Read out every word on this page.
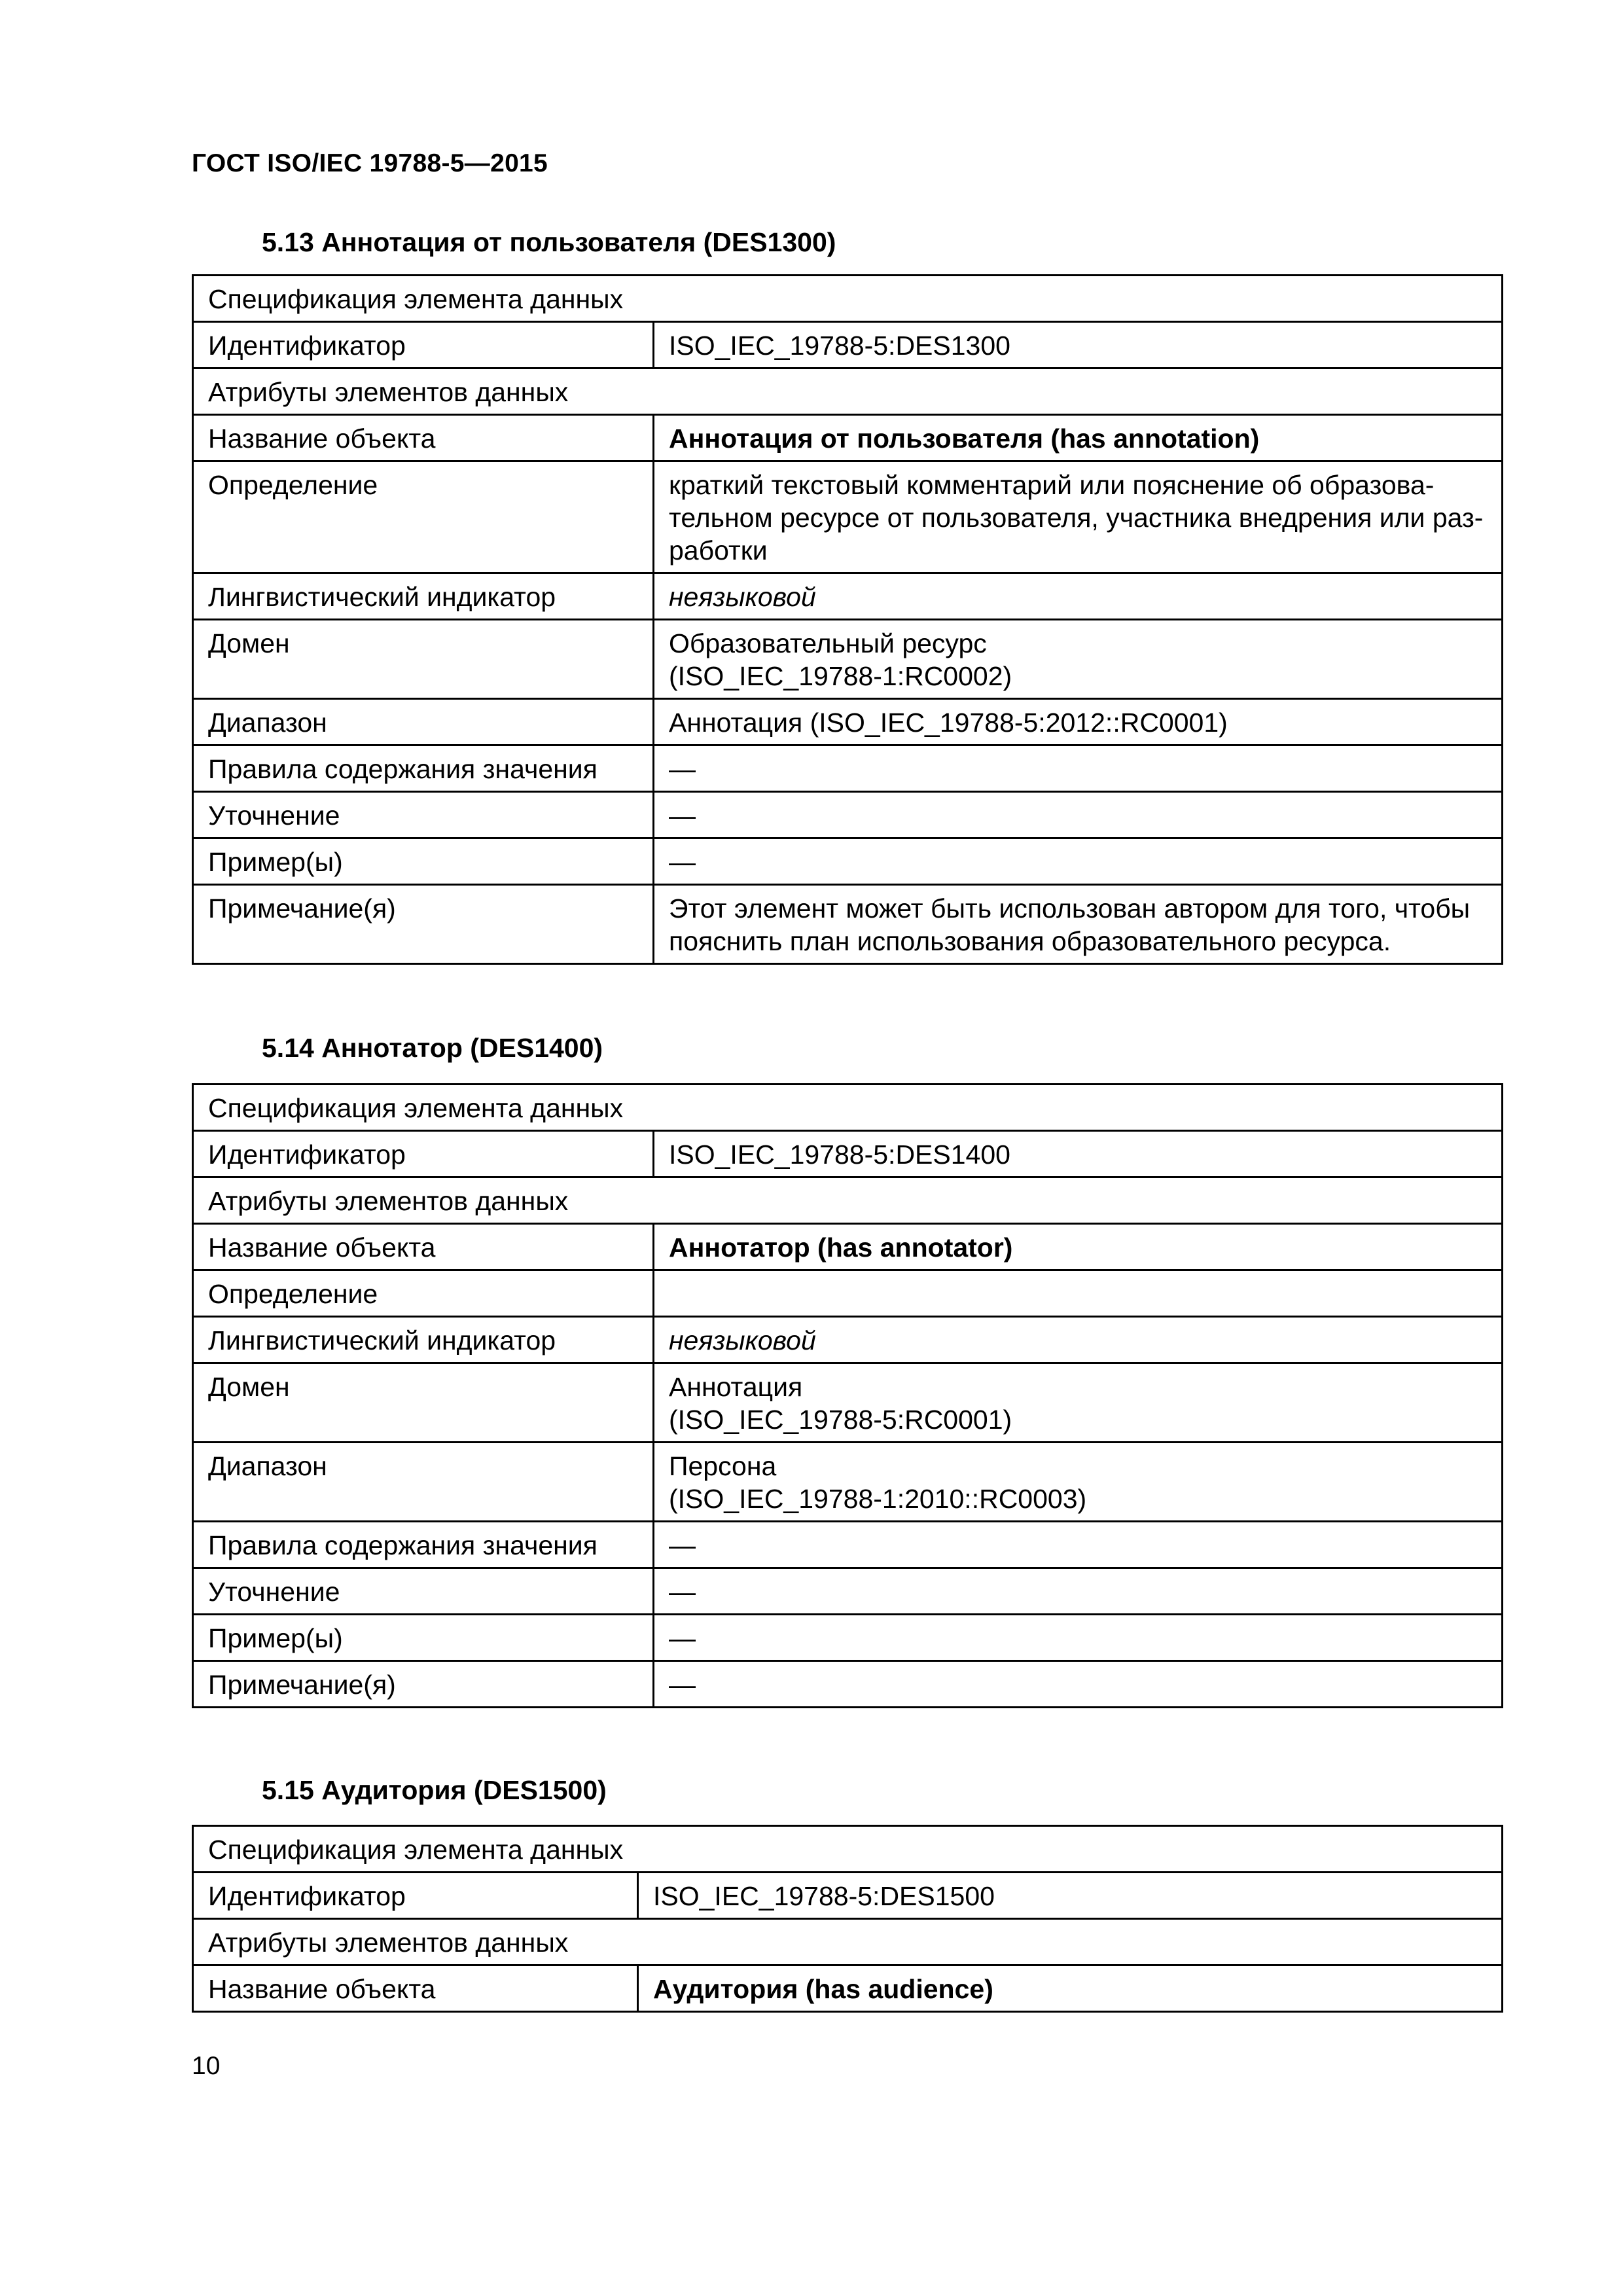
ГОСТ ISO/IEC 19788-5—2015
5.13 Аннотация от пользователя (DES1300)
Спецификация элемента данных	
Идентификатор	ISO_IEC_19788-5:DES1300
Атрибуты элементов данных	
Название объекта	Аннотация от пользователя (has annotation)
Определение	краткий текстовый комментарий или пояснение об образова-
тельном ресурсе от пользователя, участника внедрения или раз-
работки

Лингвистический индикатор	неязыковой
Домен	Образовательный ресурс
(ISO_IEC_19788-1:RC0002)

Диапазон	Аннотация (ISO_IEC_19788-5:2012::RC0001)
Правила содержания значения	—
Уточнение	—
Пример(ы)	—
Примечание(я)	Этот элемент может быть использован автором для того, чтобы
пояснить план использования образовательного ресурса.
5.14 Аннотатор (DES1400)
Спецификация элемента данных	
Идентификатор	ISO_IEC_19788-5:DES1400
Атрибуты элементов данных	
Название объекта	Аннотатор (has annotator)
Определение	
Лингвистический индикатор	неязыковой
Домен	Аннотация
(ISO_IEC_19788-5:RC0001)

Диапазон	Персона
(ISO_IEC_19788-1:2010::RC0003)

Правила содержания значения	—
Уточнение	—
Пример(ы)	—
Примечание(я)	—
5.15 Аудитория (DES1500)
Спецификация элемента данных	
Идентификатор	ISO_IEC_19788-5:DES1500
Атрибуты элементов данных	
Название объекта	Аудитория (has audience)
10
